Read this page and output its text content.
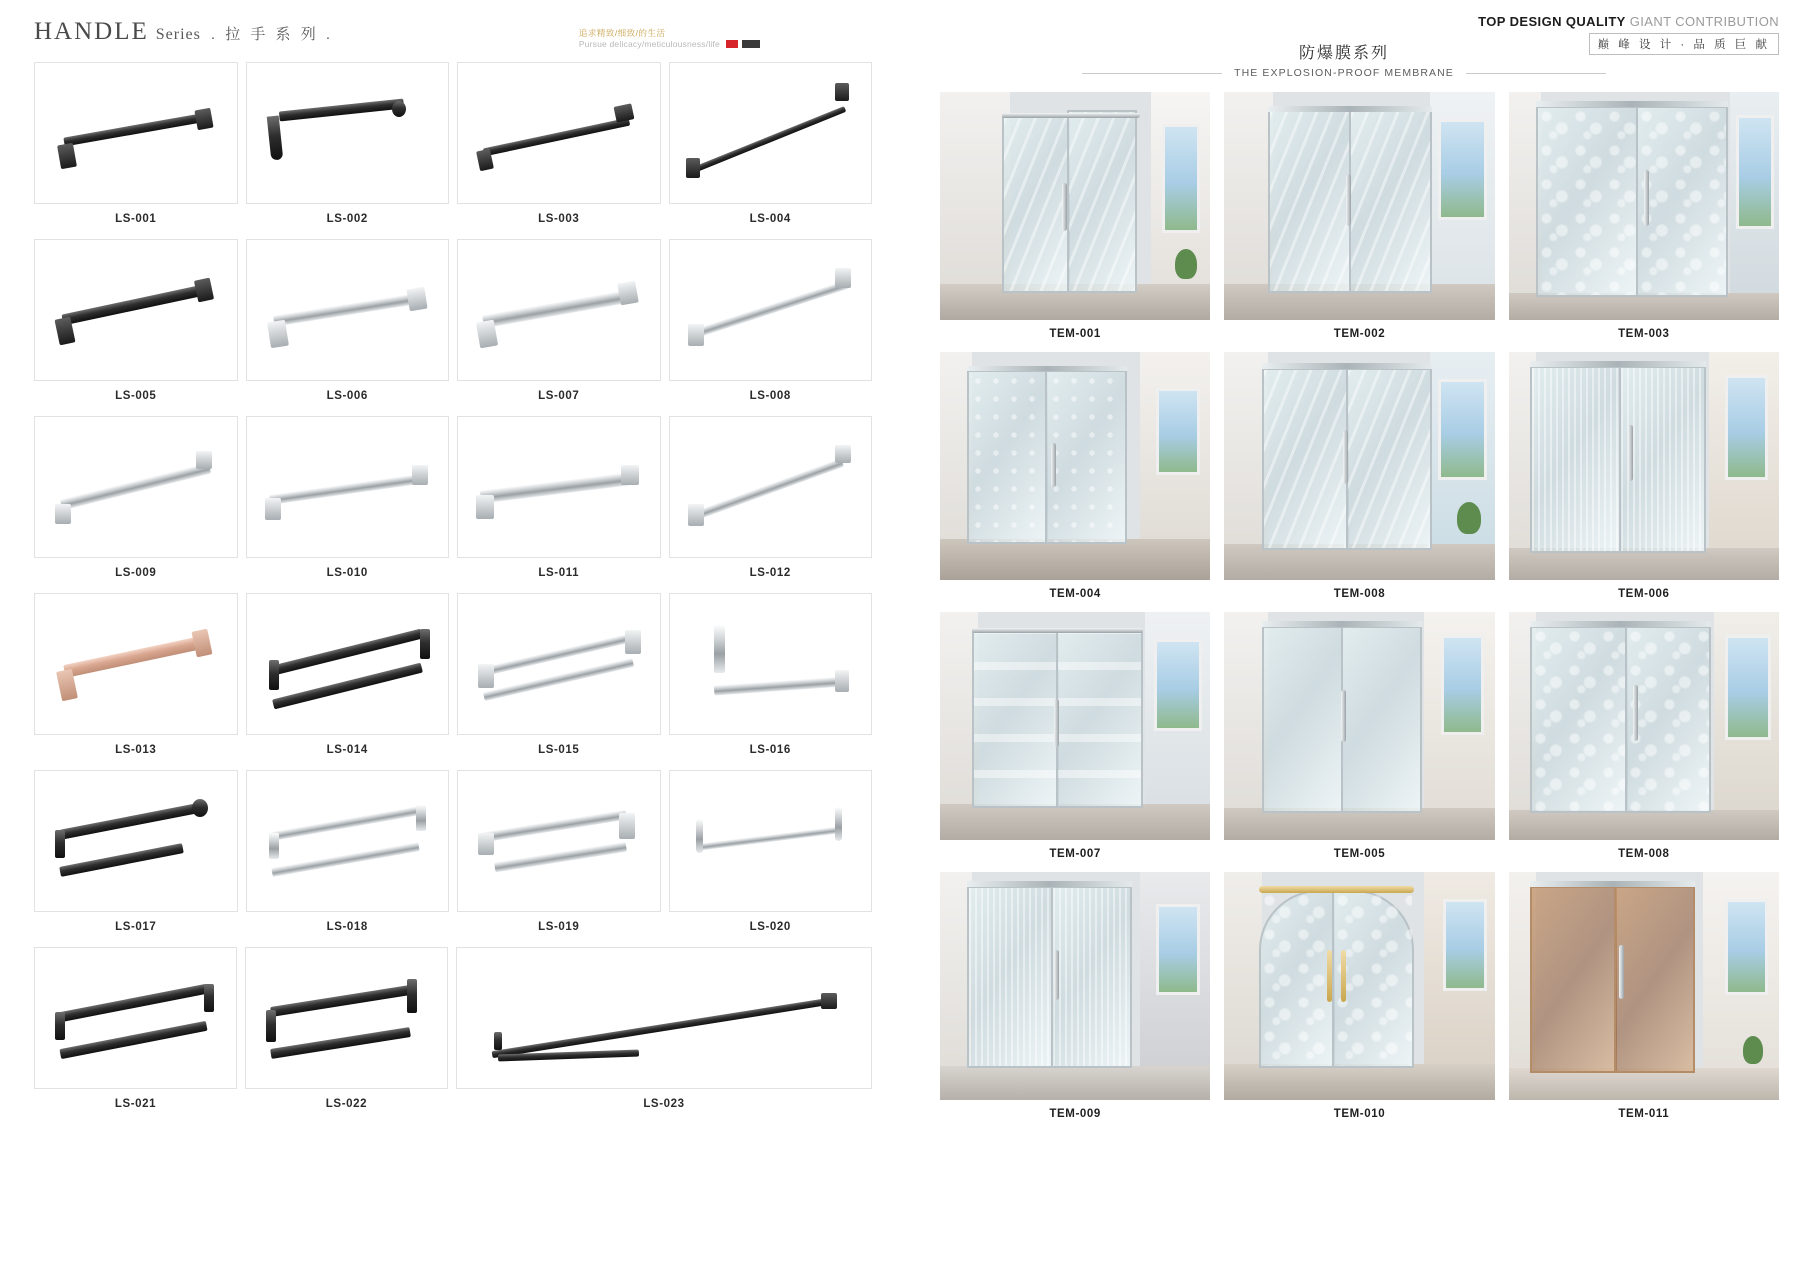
HANDLE Series . 拉 手 系 列 .	追求精致/细致/的生活
Pursue delicacy/meticulousness/life
LS-001	LS-002	LS-003	LS-004
LS-005	LS-006	LS-007	LS-008
LS-009	LS-010	LS-011	LS-012
LS-013	LS-014	LS-015	LS-016
LS-017	LS-018	LS-019	LS-020
LS-021	LS-022	LS-023
TOP DESIGN QUALITY GIANT CONTRIBUTION
巅 峰 设 计 · 品 质 巨 献
防爆膜系列
THE EXPLOSION-PROOF MEMBRANE
TEM-001	TEM-002	TEM-003
TEM-004	TEM-008	TEM-006
TEM-007	TEM-005	TEM-008
TEM-009	TEM-010	TEM-011
